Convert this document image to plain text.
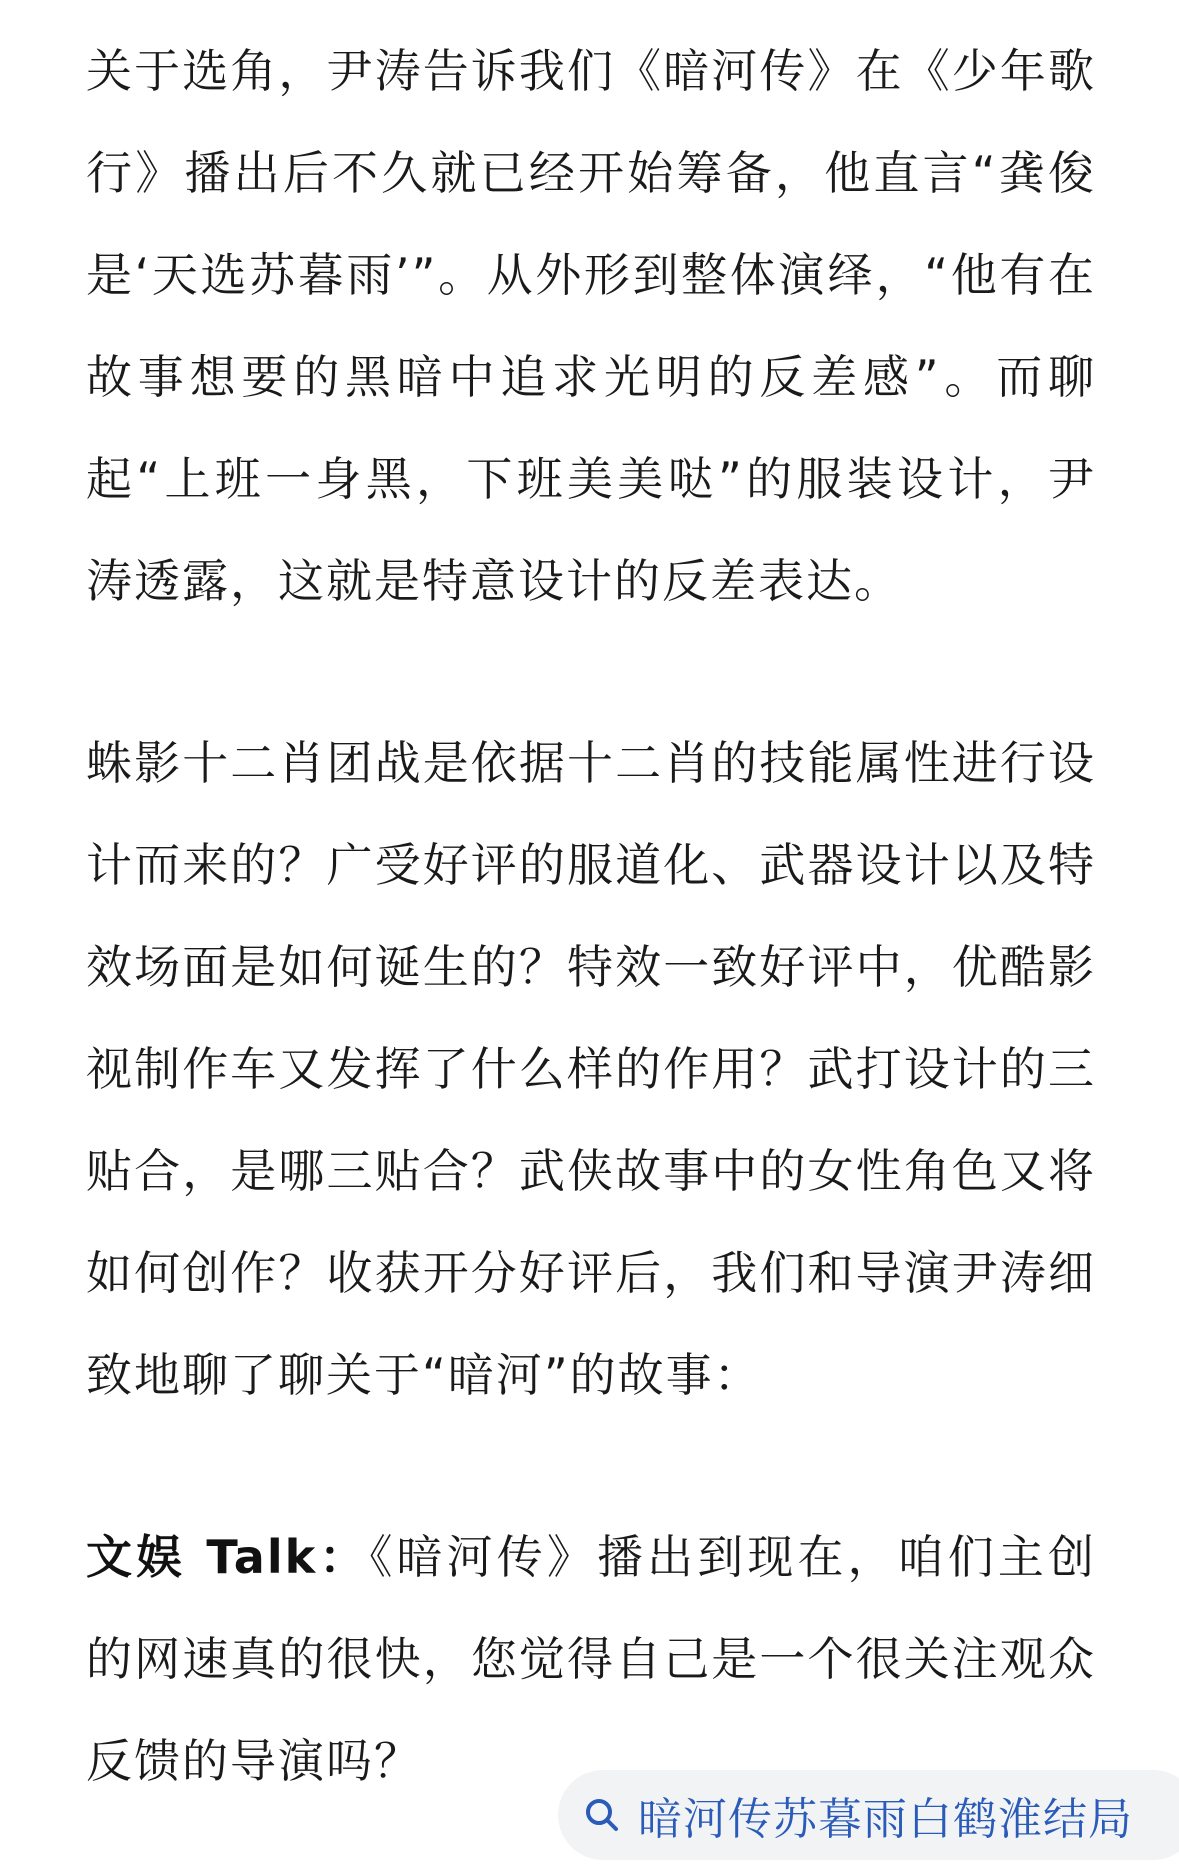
关于选角，尹涛告诉我们《暗河传》在《少年歌行》播出后不久就已经开始筹备，他直言“龚俊是‘天选苏暮雨’”。从外形到整体演绎，“他有在故事想要的黑暗中追求光明的反差感”。而聊起“上班一身黑，下班美美哒”的服装设计，尹涛透露，这就是特意设计的反差表达。

蛛影十二肖团战是依据十二肖的技能属性进行设计而来的？广受好评的服道化、武器设计以及特效场面是如何诞生的？特效一致好评中，优酷影视制作车又发挥了什么样的作用？武打设计的三贴合，是哪三贴合？武侠故事中的女性角色又将如何创作？收获开分好评后，我们和导演尹涛细致地聊了聊关于“暗河”的故事：

文娱 Talk：《暗河传》播出到现在，咱们主创的网速真的很快，您觉得自己是一个很关注观众反馈的导演吗？

暗河传苏暮雨白鹤淮结局
